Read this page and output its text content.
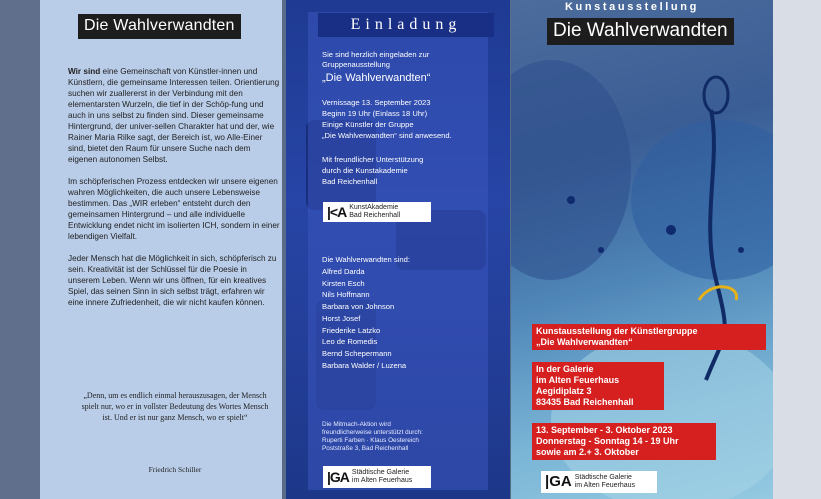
Die Wahlverwandten

Wir sind eine Gemeinschaft von Künstler-innen und Künstlern, die gemeinsame Interessen teilen. Orientierung suchen wir zuallererst in der Verbindung mit den elementarsten Wurzeln, die tief in der Schöp-fung und auch in uns selbst zu finden sind. Dieser gemeinsame Hintergrund, der univer-sellen Charakter hat und der, wie Rainer Maria Rilke sagt, der Bereich ist, wo Alle-Einer sind, bietet den Raum für unsere Suche nach dem eigenen autonomen Selbst.

Im schöpferischen Prozess entdecken wir unsere eigenen wahren Möglichkeiten, die auch unsere Lebensweise bestimmen. Das „WIR erleben“ entsteht durch den gemeinsamen Hintergrund – und alle individuelle Entwicklung endet nicht im isolierten ICH, sondern in einer lebendigen Vielfalt.

Jeder Mensch hat die Möglichkeit in sich, schöpferisch zu sein. Kreativität ist der Schlüssel für die Poesie in unserem Leben. Wenn wir uns öffnen, für ein kreatives Spiel, das seinen Sinn in sich selbst trägt, erfahren wir eine innere Zufriedenheit, die wir nicht kaufen können.

„Denn, um es endlich einmal herauszusagen, der Mensch spielt nur, wo er in vollster Bedeutung des Wortes Mensch ist. Und er ist nur ganz Mensch, wo er spielt“
Friedrich Schiller
Einladung
Sie sind herzlich eingeladen zur
Gruppenausstellung
„Die Wahlverwandten“
Vernissage 13. September 2023
Beginn 19 Uhr (Einlass 18 Uhr)
Einige Künstler der Gruppe
„Die Wahlverwandten“ sind anwesend.
Mit freundlicher Unterstützung
durch die Kunstakademie
Bad Reichenhall
|<A KunstAkademie
Bad Reichenhall
Die Wahlverwandten sind:
Die Mitmach-Aktion wird
freundlicherweise unterstützt durch:
Ruperti Farben · Klaus Oestereich
Poststraße 3, Bad Reichenhall
|GA Städtische Galerie
im Alten Feuerhaus
Alfred Darda
Kirsten Esch
Nils Hoffmann
Barbara von Johnson
Horst Josef
Friederike Latzko
Leo de Romedis
Bernd Schepermann
Barbara Walder / Luzena
Kunstausstellung
Die Wahlverwandten
Kunstausstellung der Künstlergruppe
„Die Wahlverwandten“
In der Galerie
im Alten Feuerhaus
Aegidiplatz 3
83435 Bad Reichenhall
13. September - 3. Oktober 2023
Donnerstag - Sonntag 14 - 19 Uhr
sowie am 2.+ 3. Oktober
|GA Städtische Galerie
im Alten Feuerhaus
